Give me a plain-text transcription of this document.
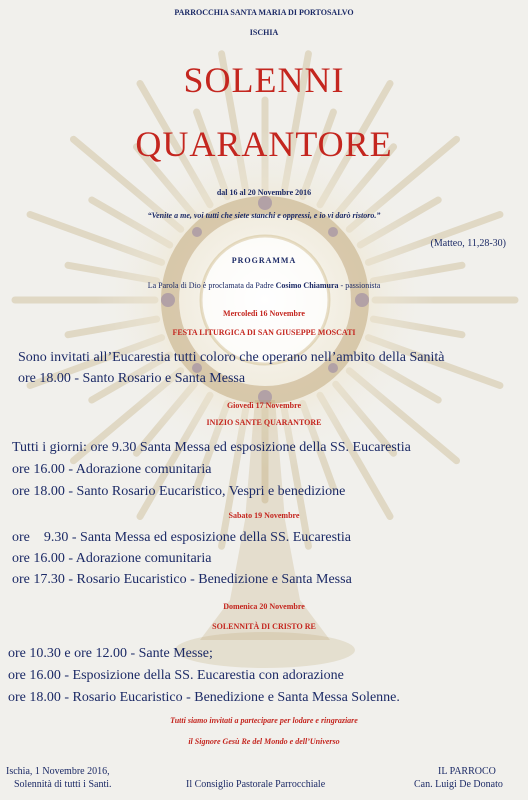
PARROCCHIA SANTA MARIA DI PORTOSALVO
ISCHIA
SOLENNI
QUARANTORE
dal 16 al 20 Novembre 2016
“Venite a me, voi tutti che siete stanchi e oppressi, e io vi darò ristoro.”
(Matteo, 11,28-30)
PROGRAMMA
La Parola di Dio è proclamata da Padre Cosimo Chiamura - passionista
Mercoledì 16 Novembre
FESTA LITURGICA DI SAN GIUSEPPE MOSCATI
Sono invitati all’Eucarestia tutti coloro che operano nell’ambito della Sanità
ore 18.00 - Santo Rosario e Santa Messa
Giovedì 17 Novembre
INIZIO SANTE QUARANTORE
Tutti i giorni: ore 9.30 Santa Messa ed esposizione della SS. Eucarestia
ore 16.00 - Adorazione comunitaria
ore 18.00 - Santo Rosario Eucaristico, Vespri e benedizione
Sabato 19 Novembre
ore    9.30 - Santa Messa ed esposizione della SS. Eucarestia
ore 16.00 - Adorazione comunitaria
ore 17.30 - Rosario Eucaristico - Benedizione e Santa Messa
Domenica 20 Novembre
SOLENNITÀ DI CRISTO RE
ore 10.30 e ore 12.00 - Sante Messe;
ore 16.00 - Esposizione della SS. Eucarestia con adorazione
ore 18.00 - Rosario Eucaristico - Benedizione e Santa Messa Solenne.
Tutti siamo invitati a partecipare per lodare e ringraziare
il Signore Gesù Re del Mondo e dell’Universo
Ischia, 1 Novembre 2016,
Solennità di tutti i Santi.	Il Consiglio Pastorale Parrocchiale
IL PARROCO
Can. Luigi De Donato
